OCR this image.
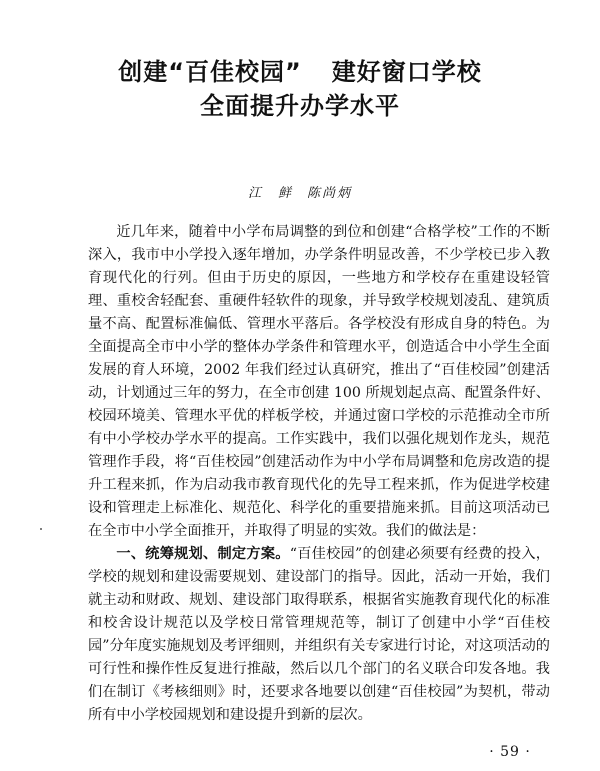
创建“百佳校园” 建好窗口学校
全面提升办学水平
江　鲜 陈尚炳

近几年来，随着中小学布局调整的到位和创建“合格学校”工作的不断深入，我市中小学投入逐年增加，办学条件明显改善，不少学校已步入教育现代化的行列。但由于历史的原因，一些地方和学校存在重建设轻管理、重校舍轻配套、重硬件轻软件的现象，并导致学校规划凌乱、建筑质量不高、配置标准偏低、管理水平落后。各学校没有形成自身的特色。为全面提高全市中小学的整体办学条件和管理水平，创造适合中小学生全面发展的育人环境，2002 年我们经过认真研究，推出了“百佳校园”创建活动，计划通过三年的努力，在全市创建 100 所规划起点高、配置条件好、校园环境美、管理水平优的样板学校，并通过窗口学校的示范推动全市所有中小学校办学水平的提高。工作实践中，我们以强化规划作龙头，规范管理作手段，将“百佳校园”创建活动作为中小学布局调整和危房改造的提升工程来抓，作为启动我市教育现代化的先导工程来抓，作为促进学校建设和管理走上标准化、规范化、科学化的重要措施来抓。目前这项活动已在全市中小学全面推开，并取得了明显的实效。我们的做法是：

一、统筹规划、制定方案。“百佳校园”的创建必须要有经费的投入，学校的规划和建设需要规划、建设部门的指导。因此，活动一开始，我们就主动和财政、规划、建设部门取得联系，根据省实施教育现代化的标准和校舍设计规范以及学校日常管理规范等，制订了创建中小学“百佳校园”分年度实施规划及考评细则，并组织有关专家进行讨论，对这项活动的可行性和操作性反复进行推敲，然后以几个部门的名义联合印发各地。我们在制订《考核细则》时，还要求各地要以创建“百佳校园”为契机，带动所有中小学校园规划和建设提升到新的层次。

· 59 ·
